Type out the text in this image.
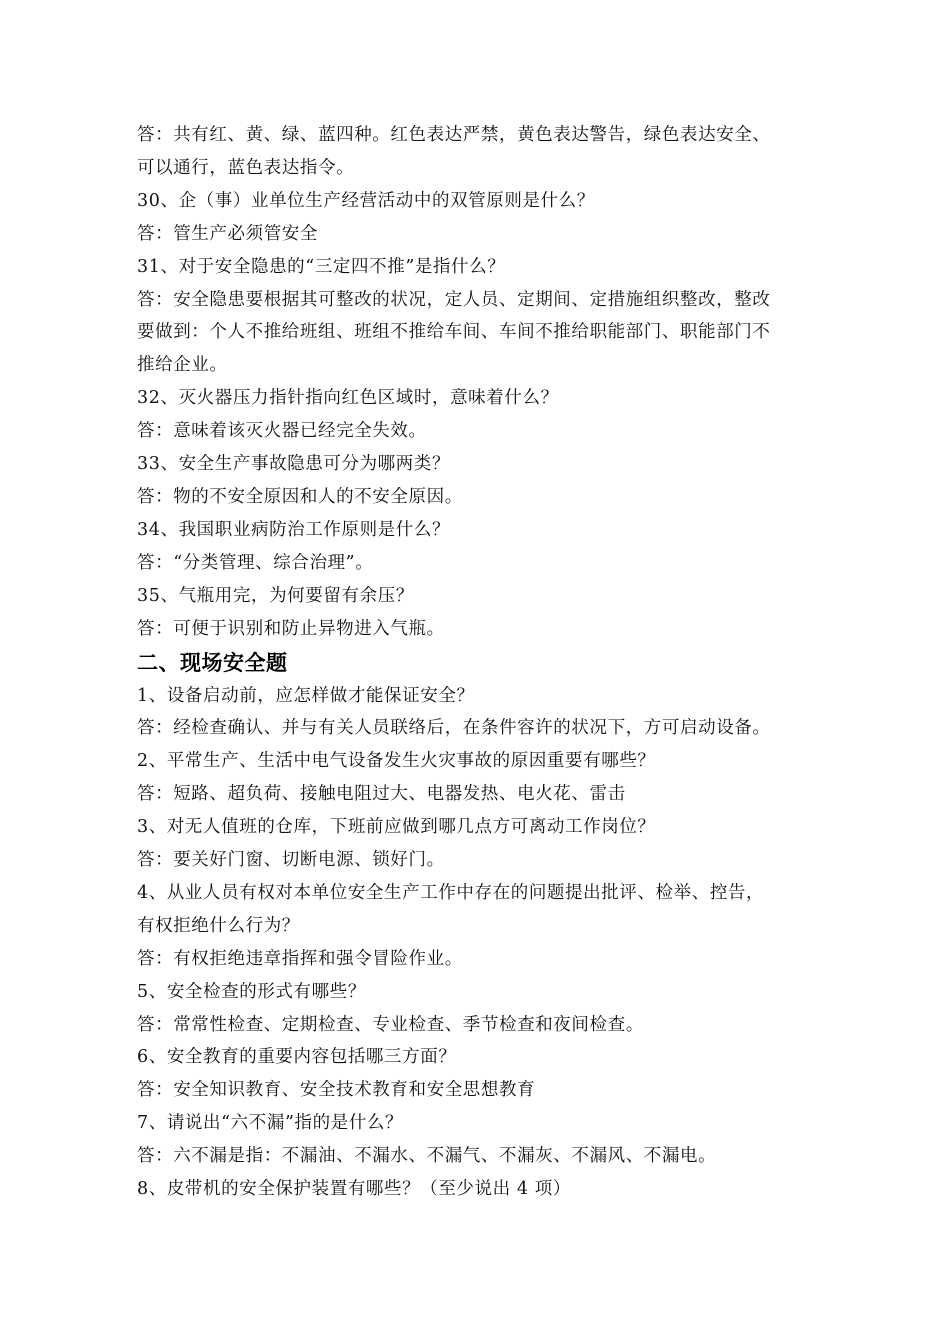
答：共有红、黄、绿、蓝四种。红色表达严禁，黄色表达警告，绿色表达安全、
可以通行，蓝色表达指令。
30、企（事）业单位生产经营活动中的双管原则是什么？
答：管生产必须管安全
31、对于安全隐患的“三定四不推”是指什么？
答：安全隐患要根据其可整改的状况，定人员、定期间、定措施组织整改，整改
要做到：个人不推给班组、班组不推给车间、车间不推给职能部门、职能部门不
推给企业。
32、灭火器压力指针指向红色区域时，意味着什么？
答：意味着该灭火器已经完全失效。
33、安全生产事故隐患可分为哪两类？
答：物的不安全原因和人的不安全原因。
34、我国职业病防治工作原则是什么？
答：“分类管理、综合治理”。
35、气瓶用完，为何要留有余压？
答：可便于识别和防止异物进入气瓶。
二、现场安全题
1、设备启动前，应怎样做才能保证安全？
答：经检查确认、并与有关人员联络后，在条件容许的状况下，方可启动设备。
2、平常生产、生活中电气设备发生火灾事故的原因重要有哪些？
答：短路、超负荷、接触电阻过大、电器发热、电火花、雷击
3、对无人值班的仓库，下班前应做到哪几点方可离动工作岗位？
答：要关好门窗、切断电源、锁好门。
4、从业人员有权对本单位安全生产工作中存在的问题提出批评、检举、控告，
有权拒绝什么行为？
答：有权拒绝违章指挥和强令冒险作业。
5、安全检查的形式有哪些？
答：常常性检查、定期检查、专业检查、季节检查和夜间检查。
6、安全教育的重要内容包括哪三方面？
答：安全知识教育、安全技术教育和安全思想教育
7、请说出“六不漏”指的是什么？
答：六不漏是指：不漏油、不漏水、不漏气、不漏灰、不漏风、不漏电。
8、皮带机的安全保护装置有哪些？（至少说出 4 项）
